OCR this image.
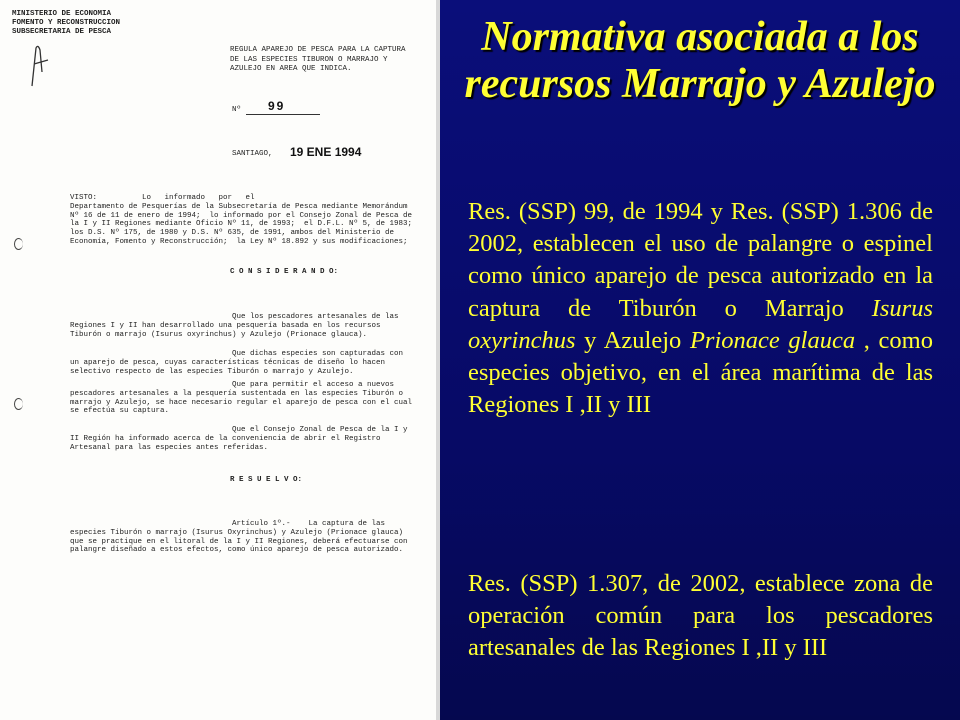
MINISTERIO DE ECONOMIA
FOMENTO Y RECONSTRUCCION
SUBSECRETARIA DE PESCA
REGULA APAREJO DE PESCA PARA LA CAPTURA
DE LAS ESPECIES TIBURON O MARRAJO Y
AZULEJO EN AREA QUE INDICA.
Nº 99
SANTIAGO, 19 ENE 1994
VISTO:          Lo   informado   por   el
Departamento de Pesquerías de la Subsecretaría de Pesca mediante Memorándum
Nº 16 de 11 de enero de 1994;  lo informado por el Consejo Zonal de Pesca de
la I y II Regiones mediante Oficio Nº 11, de 1993;  el D.F.L. Nº 5, de 1983;
los D.S. Nº 175, de 1980 y D.S. Nº 635, de 1991, ambos del Ministerio de
Economía, Fomento y Reconstrucción;  la Ley Nº 18.892 y sus modificaciones;
C O N S I D E R A N D O:
Que los pescadores artesanales de las
Regiones I y II han desarrollado una pesquería basada en los recursos
Tiburón o marrajo (Isurus oxyrinchus) y Azulejo (Prionace glauca).
Que dichas especies son capturadas con
un aparejo de pesca, cuyas características técnicas de diseño lo hacen
selectivo respecto de las especies Tiburón o marrajo y Azulejo.
Que para permitir el acceso a nuevos
pescadores artesanales a la pesquería sustentada en las especies Tiburón o
marrajo y Azulejo, se hace necesario regular el aparejo de pesca con el cual
se efectúa su captura.
Que el Consejo Zonal de Pesca de la I y
II Región ha informado acerca de la conveniencia de abrir el Registro
Artesanal para las especies antes referidas.
R E S U E L V O:
Artículo 1º.-    La captura de las
especies Tiburón o marrajo (Isurus Oxyrinchus) y Azulejo (Prionace glauca)
que se practique en el litoral de la I y II Regiones, deberá efectuarse con
palangre diseñado a estos efectos, como único aparejo de pesca autorizado.
Normativa asociada a los recursos Marrajo y Azulejo

Res. (SSP) 99, de 1994 y Res. (SSP) 1.306 de 2002, establecen el uso de palangre o espinel como único aparejo de pesca autorizado en la captura de Tiburón o Marrajo Isurus oxyrinchus y Azulejo Prionace glauca , como especies objetivo, en el área marítima de las Regiones I ,II y III

Res. (SSP) 1.307, de 2002, establece zona de operación común para los pescadores artesanales de las Regiones I ,II y III
